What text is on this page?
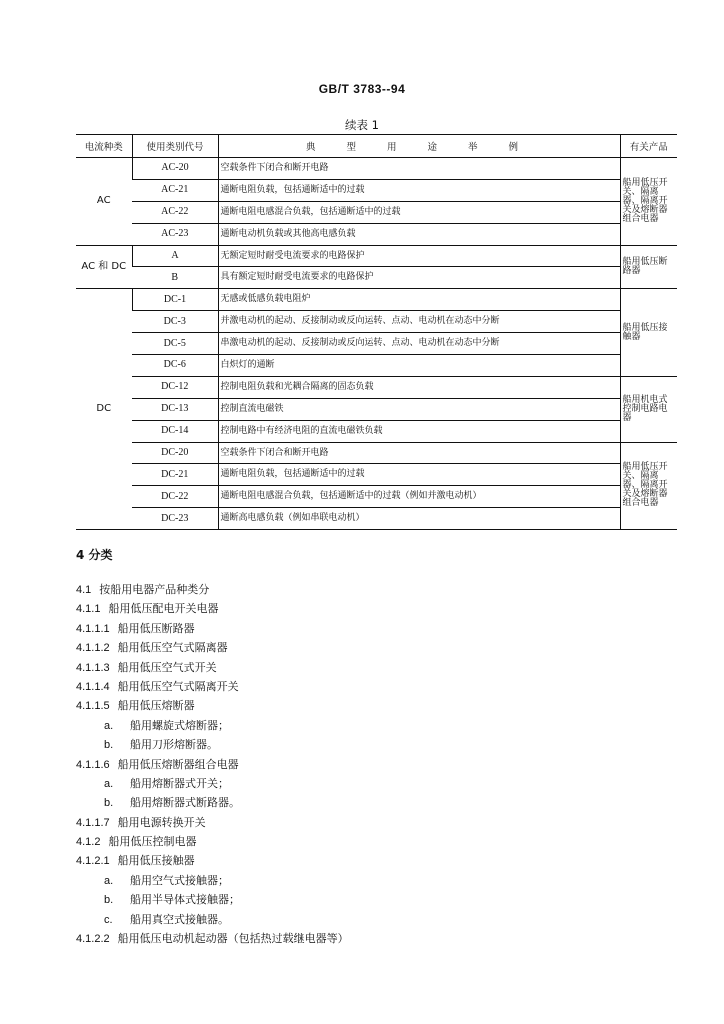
GB/T 3783--94
续表 1
电流种类	使用类别代号	典 型 用 途 举 例	有关产品
AC	AC-20	空载条件下闭合和断开电路	船用低压开关、隔离器、隔离开关及熔断器组合电器
	AC-21	通断电阻负载，包括通断适中的过载	
	AC-22	通断电阻电感混合负载，包括通断适中的过载	
	AC-23	通断电动机负载或其他高电感负载	
AC 和 DC	A	无额定短时耐受电流要求的电路保护	船用低压断路器
	B	具有额定短时耐受电流要求的电路保护	
DC	DC-1	无感或低感负载电阻炉	船用低压接触器
	DC-3	并激电动机的起动、反接制动或反向运转、点动、电动机在动态中分断	
	DC-5	串激电动机的起动、反接制动或反向运转、点动、电动机在动态中分断	
	DC-6	白炽灯的通断	
	DC-12	控制电阻负载和光耦合隔离的固态负载	船用机电式控制电路电器
	DC-13	控制直流电磁铁	
	DC-14	控制电路中有经济电阻的直流电磁铁负载	
	DC-20	空载条件下闭合和断开电路	船用低压开关、隔离器、隔离开关及熔断器组合电器
	DC-21	通断电阻负载，包括通断适中的过载	
	DC-22	通断电阻电感混合负载，包括通断适中的过载（例如并激电动机）	
	DC-23	通断高电感负载（例如串联电动机）	
4 分类
4.1 按船用电器产品种类分
4.1.1 船用低压配电开关电器
4.1.1.1 船用低压断路器
4.1.1.2 船用低压空气式隔离器
4.1.1.3 船用低压空气式开关
4.1.1.4 船用低压空气式隔离开关
4.1.1.5 船用低压熔断器
a. 船用螺旋式熔断器；
b. 船用刀形熔断器。
4.1.1.6 船用低压熔断器组合电器
a. 船用熔断器式开关；
b. 船用熔断器式断路器。
4.1.1.7 船用电源转换开关
4.1.2 船用低压控制电器
4.1.2.1 船用低压接触器
a. 船用空气式接触器；
b. 船用半导体式接触器；
c. 船用真空式接触器。
4.1.2.2 船用低压电动机起动器（包括热过载继电器等）
